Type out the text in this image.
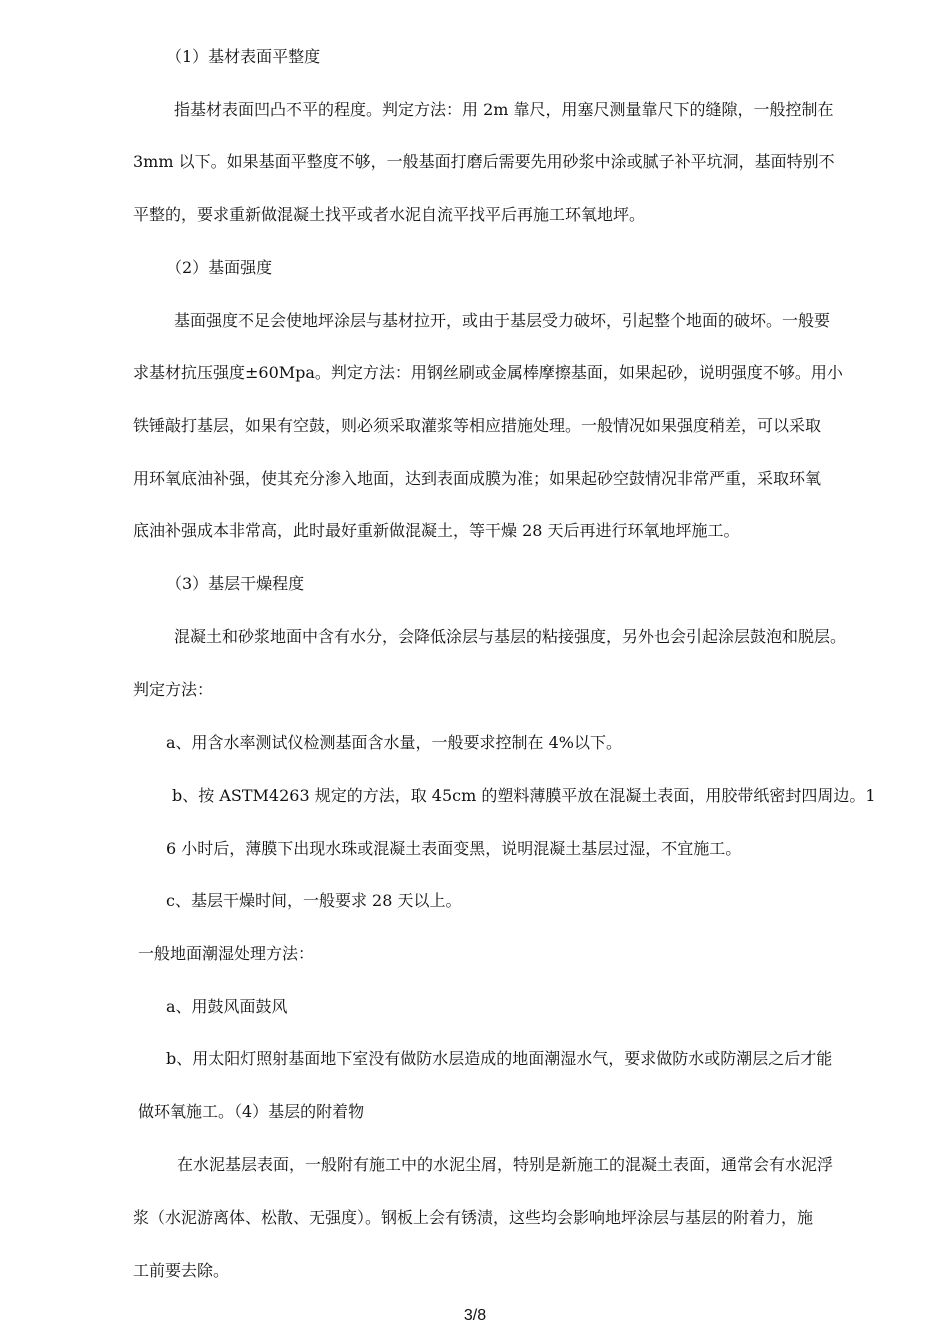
（1）基材表面平整度
指基材表面凹凸不平的程度。判定方法：用 2m 靠尺，用塞尺测量靠尺下的缝隙，一般控制在
3mm 以下。如果基面平整度不够，一般基面打磨后需要先用砂浆中涂或腻子补平坑洞，基面特别不
平整的，要求重新做混凝土找平或者水泥自流平找平后再施工环氧地坪。
（2）基面强度
基面强度不足会使地坪涂层与基材拉开，或由于基层受力破坏，引起整个地面的破坏。一般要
求基材抗压强度±60Mpa。判定方法：用钢丝刷或金属棒摩擦基面，如果起砂，说明强度不够。用小
铁锤敲打基层，如果有空鼓，则必须采取灌浆等相应措施处理。一般情况如果强度稍差，可以采取
用环氧底油补强，使其充分渗入地面，达到表面成膜为准；如果起砂空鼓情况非常严重，采取环氧
底油补强成本非常高，此时最好重新做混凝土，等干燥 28 天后再进行环氧地坪施工。
（3）基层干燥程度
混凝土和砂浆地面中含有水分，会降低涂层与基层的粘接强度，另外也会引起涂层鼓泡和脱层。
判定方法：
a、用含水率测试仪检测基面含水量，一般要求控制在 4%以下。
b、按 ASTM4263 规定的方法，取 45cm 的塑料薄膜平放在混凝土表面，用胶带纸密封四周边。1
6 小时后，薄膜下出现水珠或混凝土表面变黑，说明混凝土基层过湿，不宜施工。
c、基层干燥时间，一般要求 28 天以上。
一般地面潮湿处理方法：
a、用鼓风面鼓风
b、用太阳灯照射基面地下室没有做防水层造成的地面潮湿水气，要求做防水或防潮层之后才能
做环氧施工。（4）基层的附着物
在水泥基层表面，一般附有施工中的水泥尘屑，特别是新施工的混凝土表面，通常会有水泥浮
浆（水泥游离体、松散、无强度）。钢板上会有锈渍，这些均会影响地坪涂层与基层的附着力，施
工前要去除。
3/8
